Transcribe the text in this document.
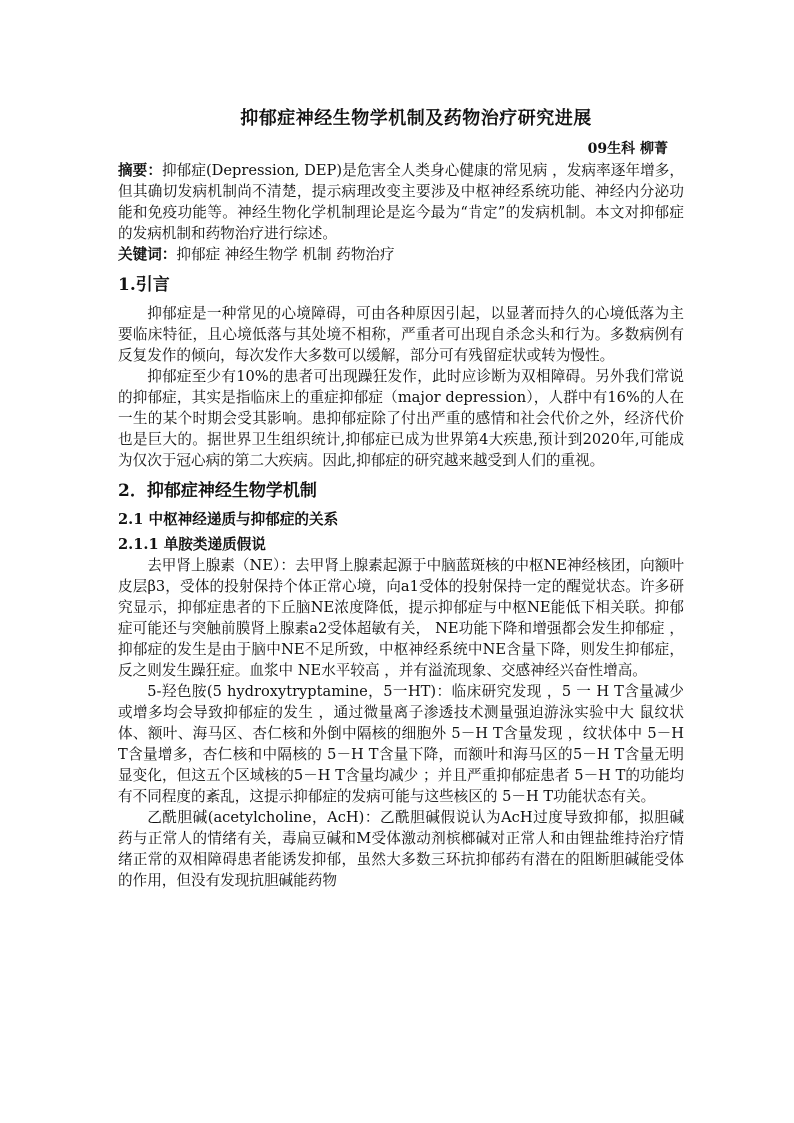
抑郁症神经生物学机制及药物治疗研究进展
09生科 柳菁

摘要：抑郁症(Depression, DEP)是危害全人类身心健康的常见病 ，发病率逐年增多，但其确切发病机制尚不清楚，提示病理改变主要涉及中枢神经系统功能、神经内分泌功能和免疫功能等。神经生物化学机制理论是迄今最为“肯定”的发病机制。本文对抑郁症的发病机制和药物治疗进行综述。

关键词：抑郁症 神经生物学 机制 药物治疗

1.引言

抑郁症是一种常见的心境障碍，可由各种原因引起，以显著而持久的心境低落为主要临床特征，且心境低落与其处境不相称，严重者可出现自杀念头和行为。多数病例有反复发作的倾向，每次发作大多数可以缓解，部分可有残留症状或转为慢性。

抑郁症至少有10%的患者可出现躁狂发作，此时应诊断为双相障碍。另外我们常说的抑郁症，其实是指临床上的重症抑郁症（major depression），人群中有16%的人在一生的某个时期会受其影响。患抑郁症除了付出严重的感情和社会代价之外，经济代价也是巨大的。据世界卫生组织统计,抑郁症已成为世界第4大疾患,预计到2020年,可能成为仅次于冠心病的第二大疾病。因此,抑郁症的研究越来越受到人们的重视。

2．抑郁症神经生物学机制
2.1 中枢神经递质与抑郁症的关系
2.1.1 单胺类递质假说

去甲肾上腺素（NE）：去甲肾上腺素起源于中脑蓝斑核的中枢NE神经核团，向额叶皮层β3，受体的投射保持个体正常心境，向a1受体的投射保持一定的醒觉状态。许多研究显示，抑郁症患者的下丘脑NE浓度降低，提示抑郁症与中枢NE能低下相关联。抑郁症可能还与突触前膜肾上腺素a2受体超敏有关， NE功能下降和增强都会发生抑郁症 ，抑郁症的发生是由于脑中NE不足所致，中枢神经系统中NE含量下降，则发生抑郁症，反之则发生躁狂症。血浆中 NE水平较高 ，并有溢流现象、交感神经兴奋性增高。

5-羟色胺(5 hydroxytryptamine，5一HT)：临床研究发现 ，5 一 H T含量减少或增多均会导致抑郁症的发生 ，通过微量离子渗透技术测量强迫游泳实验中大 鼠纹状体、额叶、海马区、杏仁核和外倒中隔核的细胞外 5－H T含量发现 ，纹状体中 5－H T含量增多，杏仁核和中隔核的 5－H T含量下降，而额叶和海马区的5－H T含量无明显变化，但这五个区域核的5－H T含量均减少 ；并且严重抑郁症患者 5－H T的功能均有不同程度的紊乱，这提示抑郁症的发病可能与这些核区的 5－H T功能状态有关。

乙酰胆碱(acetylcholine，AcH)：乙酰胆碱假说认为AcH过度导致抑郁，拟胆碱药与正常人的情绪有关，毒扁豆碱和M受体激动剂槟榔碱对正常人和由锂盐维持治疗情绪正常的双相障碍患者能诱发抑郁，虽然大多数三环抗抑郁药有潜在的阻断胆碱能受体的作用，但没有发现抗胆碱能药物
